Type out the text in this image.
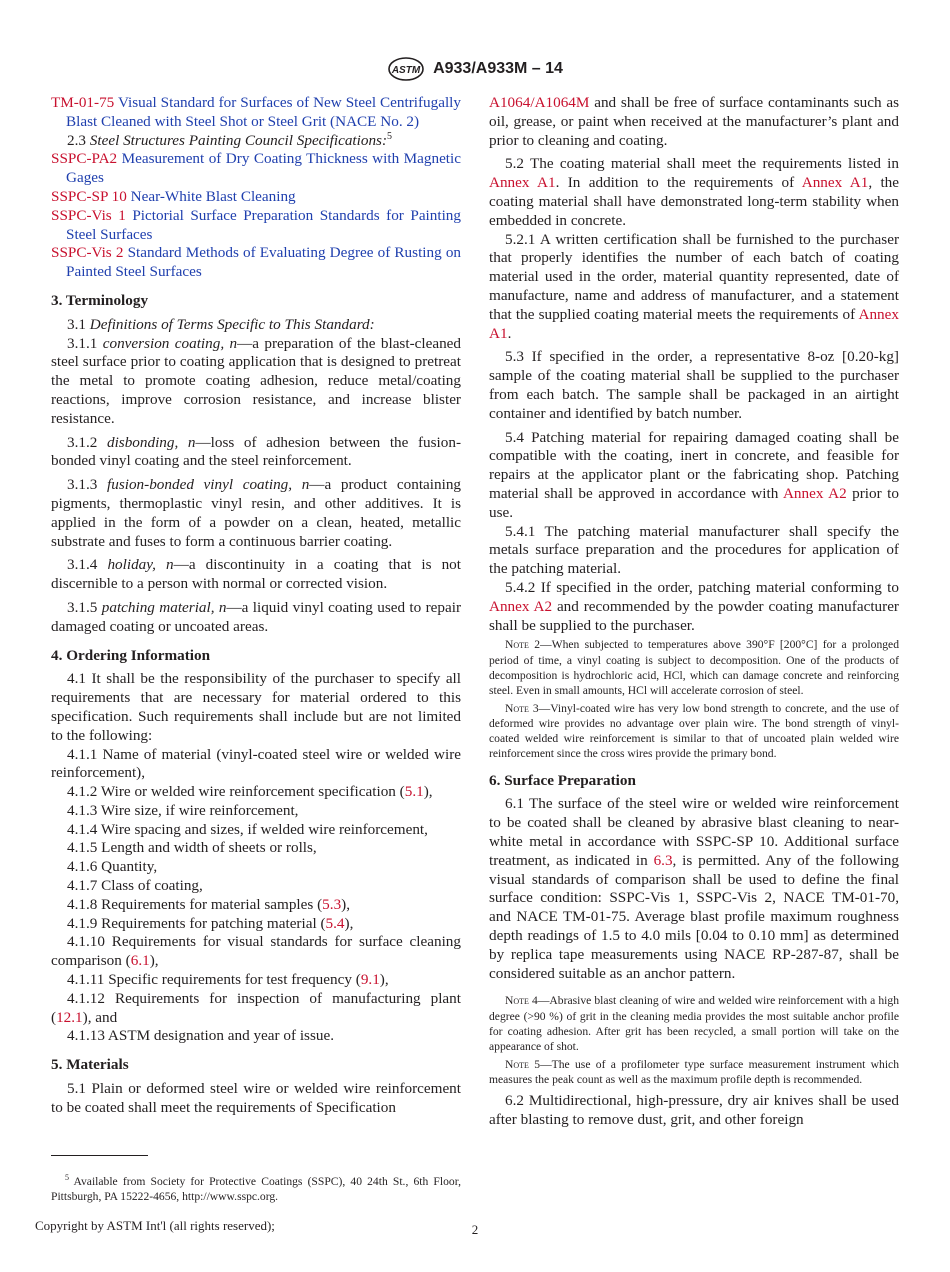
ASTM A933/A933M – 14

TM-01-75 Visual Standard for Surfaces of New Steel Centrifugally Blast Cleaned with Steel Shot or Steel Grit (NACE No. 2)

2.3 Steel Structures Painting Council Specifications:$^5$

SSPC-PA2 Measurement of Dry Coating Thickness with Magnetic Gages

SSPC-SP 10 Near-White Blast Cleaning

SSPC-Vis 1 Pictorial Surface Preparation Standards for Painting Steel Surfaces

SSPC-Vis 2 Standard Methods of Evaluating Degree of Rusting on Painted Steel Surfaces

3. Terminology

3.1 Definitions of Terms Specific to This Standard:

3.1.1 conversion coating, n—a preparation of the blast-cleaned steel surface prior to coating application that is designed to pretreat the metal to promote coating adhesion, reduce metal/coating reactions, improve corrosion resistance, and increase blister resistance.

3.1.2 disbonding, n—loss of adhesion between the fusion-bonded vinyl coating and the steel reinforcement.

3.1.3 fusion-bonded vinyl coating, n—a product containing pigments, thermoplastic vinyl resin, and other additives. It is applied in the form of a powder on a clean, heated, metallic substrate and fuses to form a continuous barrier coating.

3.1.4 holiday, n—a discontinuity in a coating that is not discernible to a person with normal or corrected vision.

3.1.5 patching material, n—a liquid vinyl coating used to repair damaged coating or uncoated areas.

4. Ordering Information

4.1 It shall be the responsibility of the purchaser to specify all requirements that are necessary for material ordered to this specification. Such requirements shall include but are not limited to the following:

4.1.1 Name of material (vinyl-coated steel wire or welded wire reinforcement),

4.1.2 Wire or welded wire reinforcement specification (5.1),

4.1.3 Wire size, if wire reinforcement,

4.1.4 Wire spacing and sizes, if welded wire reinforcement,

4.1.5 Length and width of sheets or rolls,

4.1.6 Quantity,

4.1.7 Class of coating,

4.1.8 Requirements for material samples (5.3),

4.1.9 Requirements for patching material (5.4),

4.1.10 Requirements for visual standards for surface cleaning comparison (6.1),

4.1.11 Specific requirements for test frequency (9.1),

4.1.12 Requirements for inspection of manufacturing plant (12.1), and

4.1.13 ASTM designation and year of issue.

5. Materials

5.1 Plain or deformed steel wire or welded wire reinforcement to be coated shall meet the requirements of Specification

$^5$ Available from Society for Protective Coatings (SSPC), 40 24th St., 6th Floor, Pittsburgh, PA 15222-4656, http://www.sspc.org.

A1064/A1064M and shall be free of surface contaminants such as oil, grease, or paint when received at the manufacturer’s plant and prior to cleaning and coating.

5.2 The coating material shall meet the requirements listed in Annex A1. In addition to the requirements of Annex A1, the coating material shall have demonstrated long-term stability when embedded in concrete.

5.2.1 A written certification shall be furnished to the purchaser that properly identifies the number of each batch of coating material used in the order, material quantity represented, date of manufacture, name and address of manufacturer, and a statement that the supplied coating material meets the requirements of Annex A1.

5.3 If specified in the order, a representative 8-oz [0.20-kg] sample of the coating material shall be supplied to the purchaser from each batch. The sample shall be packaged in an airtight container and identified by batch number.

5.4 Patching material for repairing damaged coating shall be compatible with the coating, inert in concrete, and feasible for repairs at the applicator plant or the fabricating shop. Patching material shall be approved in accordance with Annex A2 prior to use.

5.4.1 The patching material manufacturer shall specify the metals surface preparation and the procedures for application of the patching material.

5.4.2 If specified in the order, patching material conforming to Annex A2 and recommended by the powder coating manufacturer shall be supplied to the purchaser.

Note 2—When subjected to temperatures above 390°F [200°C] for a prolonged period of time, a vinyl coating is subject to decomposition. One of the products of decomposition is hydrochloric acid, HCl, which can damage concrete and reinforcing steel. Even in small amounts, HCl will accelerate corrosion of steel.

Note 3—Vinyl-coated wire has very low bond strength to concrete, and the use of deformed wire provides no advantage over plain wire. The bond strength of vinyl-coated welded wire reinforcement is similar to that of uncoated plain welded wire reinforcement since the cross wires provide the primary bond.

6. Surface Preparation

6.1 The surface of the steel wire or welded wire reinforcement to be coated shall be cleaned by abrasive blast cleaning to near-white metal in accordance with SSPC-SP 10. Additional surface treatment, as indicated in 6.3, is permitted. Any of the following visual standards of comparison shall be used to define the final surface condition: SSPC-Vis 1, SSPC-Vis 2, NACE TM-01-70, and NACE TM-01-75. Average blast profile maximum roughness depth readings of 1.5 to 4.0 mils [0.04 to 0.10 mm] as determined by replica tape measurements using NACE RP-287-87, shall be considered suitable as an anchor pattern.

Note 4—Abrasive blast cleaning of wire and welded wire reinforcement with a high degree (>90 %) of grit in the cleaning media provides the most suitable anchor profile for coating adhesion. After grit has been recycled, a small portion will take on the appearance of shot.

Note 5—The use of a profilometer type surface measurement instrument which measures the peak count as well as the maximum profile depth is recommended.

6.2 Multidirectional, high-pressure, dry air knives shall be used after blasting to remove dust, grit, and other foreign

Copyright by ASTM Int'l (all rights reserved);	2
